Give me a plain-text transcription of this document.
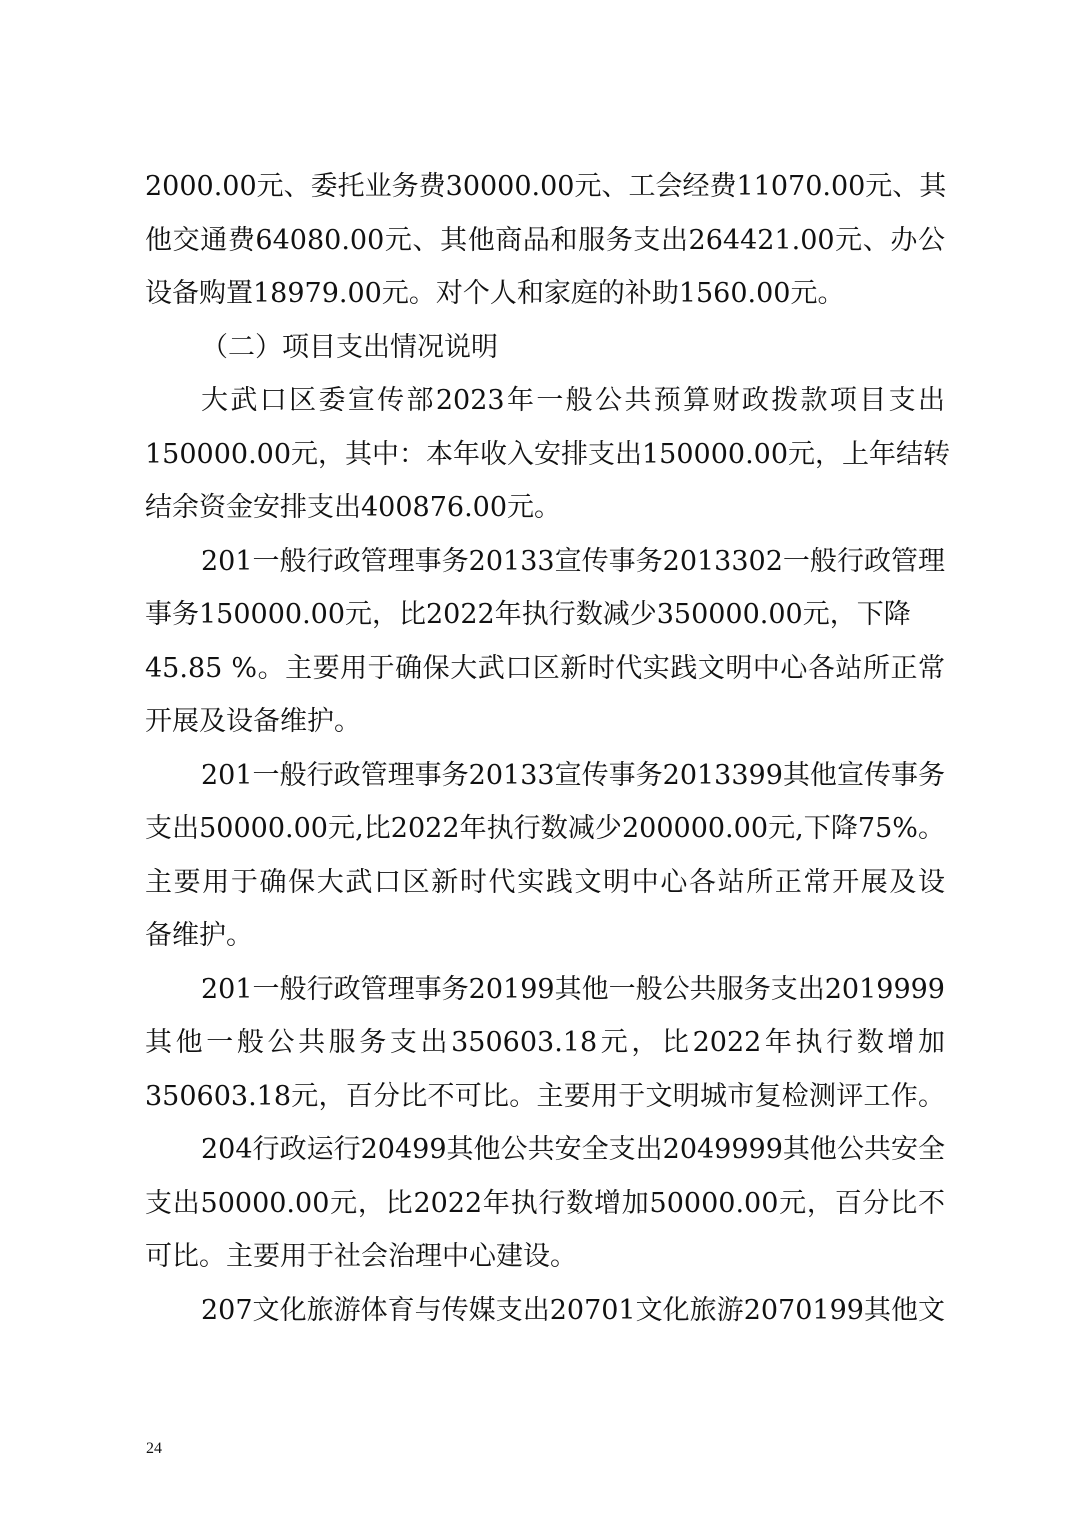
2000.00元、委托业务费30000.00元、工会经费11070.00元、其
他交通费64080.00元、其他商品和服务支出264421.00元、办公
设备购置18979.00元。对个人和家庭的补助1560.00元。
（二）项目支出情况说明
大武口区委宣传部2023年一般公共预算财政拨款项目支出
150000.00元，其中：本年收入安排支出150000.00元，上年结转
结余资金安排支出400876.00元。
201一般行政管理事务20133宣传事务2013302一般行政管理
事务150000.00元，比2022年执行数减少350000.00元，下降
45.85 %。主要用于确保大武口区新时代实践文明中心各站所正常
开展及设备维护。
201一般行政管理事务20133宣传事务2013399其他宣传事务
支出50000.00元,比2022年执行数减少200000.00元,下降75%。
主要用于确保大武口区新时代实践文明中心各站所正常开展及设
备维护。
201一般行政管理事务20199其他一般公共服务支出2019999
其他一般公共服务支出350603.18元，比2022年执行数增加
350603.18元，百分比不可比。主要用于文明城市复检测评工作。
204行政运行20499其他公共安全支出2049999其他公共安全
支出50000.00元，比2022年执行数增加50000.00元，百分比不
可比。主要用于社会治理中心建设。
207文化旅游体育与传媒支出20701文化旅游2070199其他文
24
